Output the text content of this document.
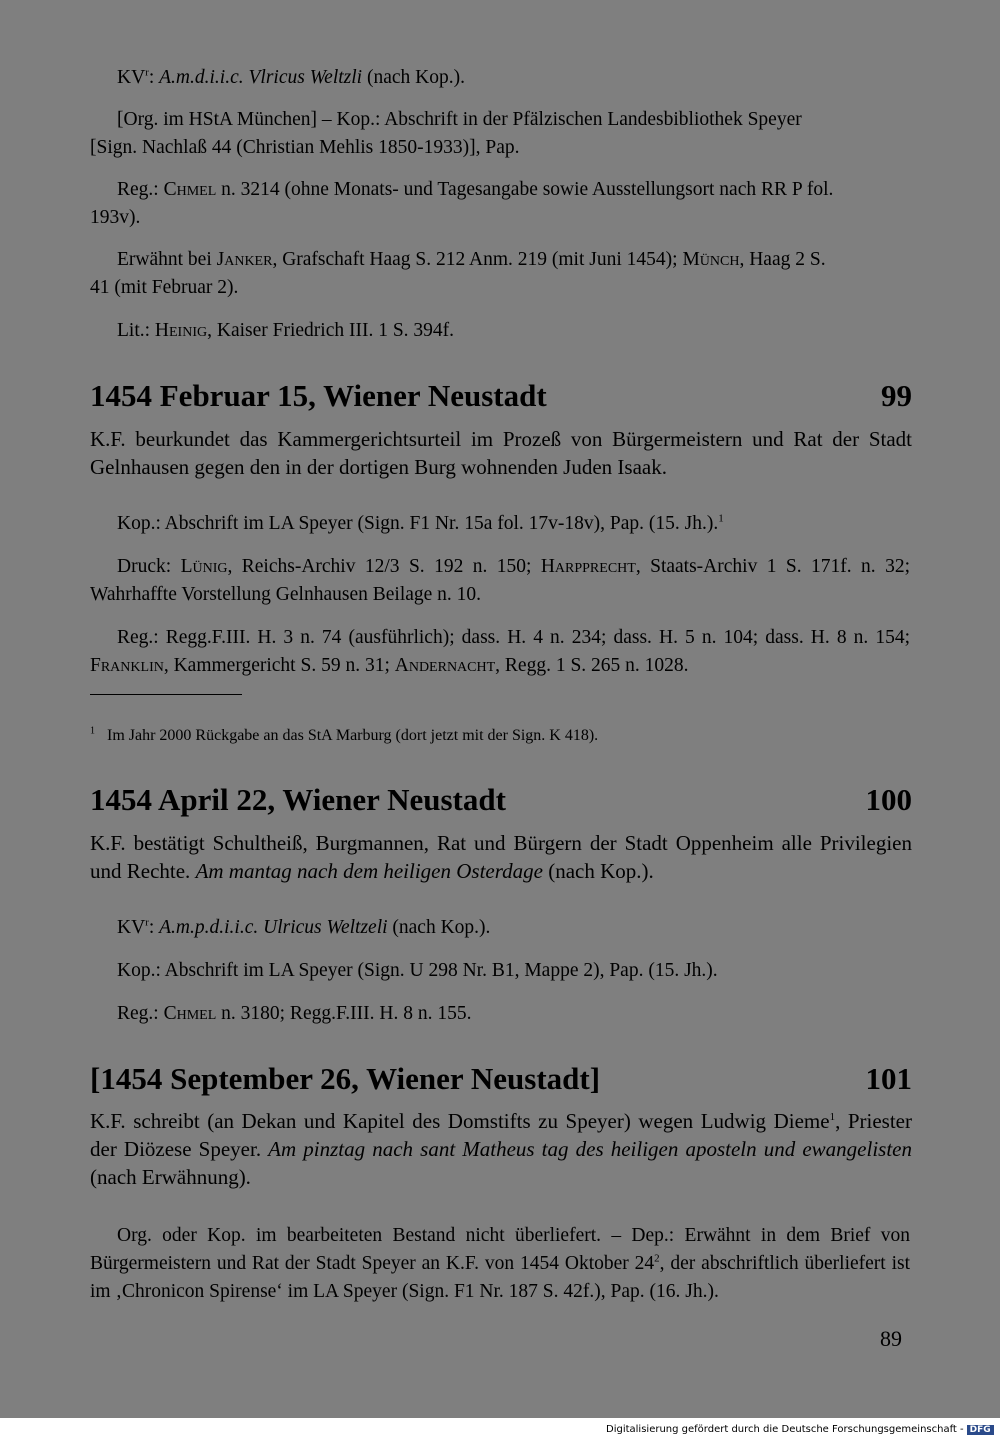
$KV^r$: A.m.d.i.i.c. Vlricus Weltzli (nach Kop.).
[Org. im HStA München] – Kop.: Abschrift in der Pfälzischen Landesbibliothek Speyer
[Sign. Nachlaß 44 (Christian Mehlis 1850-1933)], Pap.
Reg.: Chmel n. 3214 (ohne Monats- und Tagesangabe sowie Ausstellungsort nach RR P fol.
193v).
Erwähnt bei Janker, Grafschaft Haag S. 212 Anm. 219 (mit Juni 1454); Münch, Haag 2 S.
41 (mit Februar 2).
Lit.: Heinig, Kaiser Friedrich III. 1 S. 394f.
1454 Februar 15, Wiener Neustadt	99
K.F. beurkundet das Kammergerichtsurteil im Prozeß von Bürgermeistern und Rat der Stadt Gelnhausen gegen den in der dortigen Burg wohnenden Juden Isaak.
Kop.: Abschrift im LA Speyer (Sign. F1 Nr. 15a fol. 17v-18v), Pap. (15. Jh.).$^1$
Druck: Lünig, Reichs-Archiv 12/3 S. 192 n. 150; Harpprecht, Staats-Archiv 1 S. 171f. n. 32; Wahrhaffte Vorstellung Gelnhausen Beilage n. 10.
Reg.: Regg.F.III. H. 3 n. 74 (ausführlich); dass. H. 4 n. 234; dass. H. 5 n. 104; dass. H. 8 n. 154; Franklin, Kammergericht S. 59 n. 31; Andernacht, Regg. 1 S. 265 n. 1028.
$^1$ Im Jahr 2000 Rückgabe an das StA Marburg (dort jetzt mit der Sign. K 418).
1454 April 22, Wiener Neustadt	100
K.F. bestätigt Schultheiß, Burgmannen, Rat und Bürgern der Stadt Oppenheim alle Privilegien und Rechte. Am mantag nach dem heiligen Osterdage (nach Kop.).
$KV^r$: A.m.p.d.i.i.c. Ulricus Weltzeli (nach Kop.).
Kop.: Abschrift im LA Speyer (Sign. U 298 Nr. B1, Mappe 2), Pap. (15. Jh.).
Reg.: Chmel n. 3180; Regg.F.III. H. 8 n. 155.
[1454 September 26, Wiener Neustadt]	101
K.F. schreibt (an Dekan und Kapitel des Domstifts zu Speyer) wegen Ludwig Dieme$^1$, Priester der Diözese Speyer. Am pinztag nach sant Matheus tag des heiligen aposteln und ewangelisten (nach Erwähnung).
Org. oder Kop. im bearbeiteten Bestand nicht überliefert. – Dep.: Erwähnt in dem Brief von Bürgermeistern und Rat der Stadt Speyer an K.F. von 1454 Oktober $24^2$, der abschriftlich überliefert ist im ‚Chronicon Spirense‘ im LA Speyer (Sign. F1 Nr. 187 S. 42f.), Pap. (16. Jh.).
89
Digitalisierung gefördert durch die Deutsche Forschungsgemeinschaft - DFG
